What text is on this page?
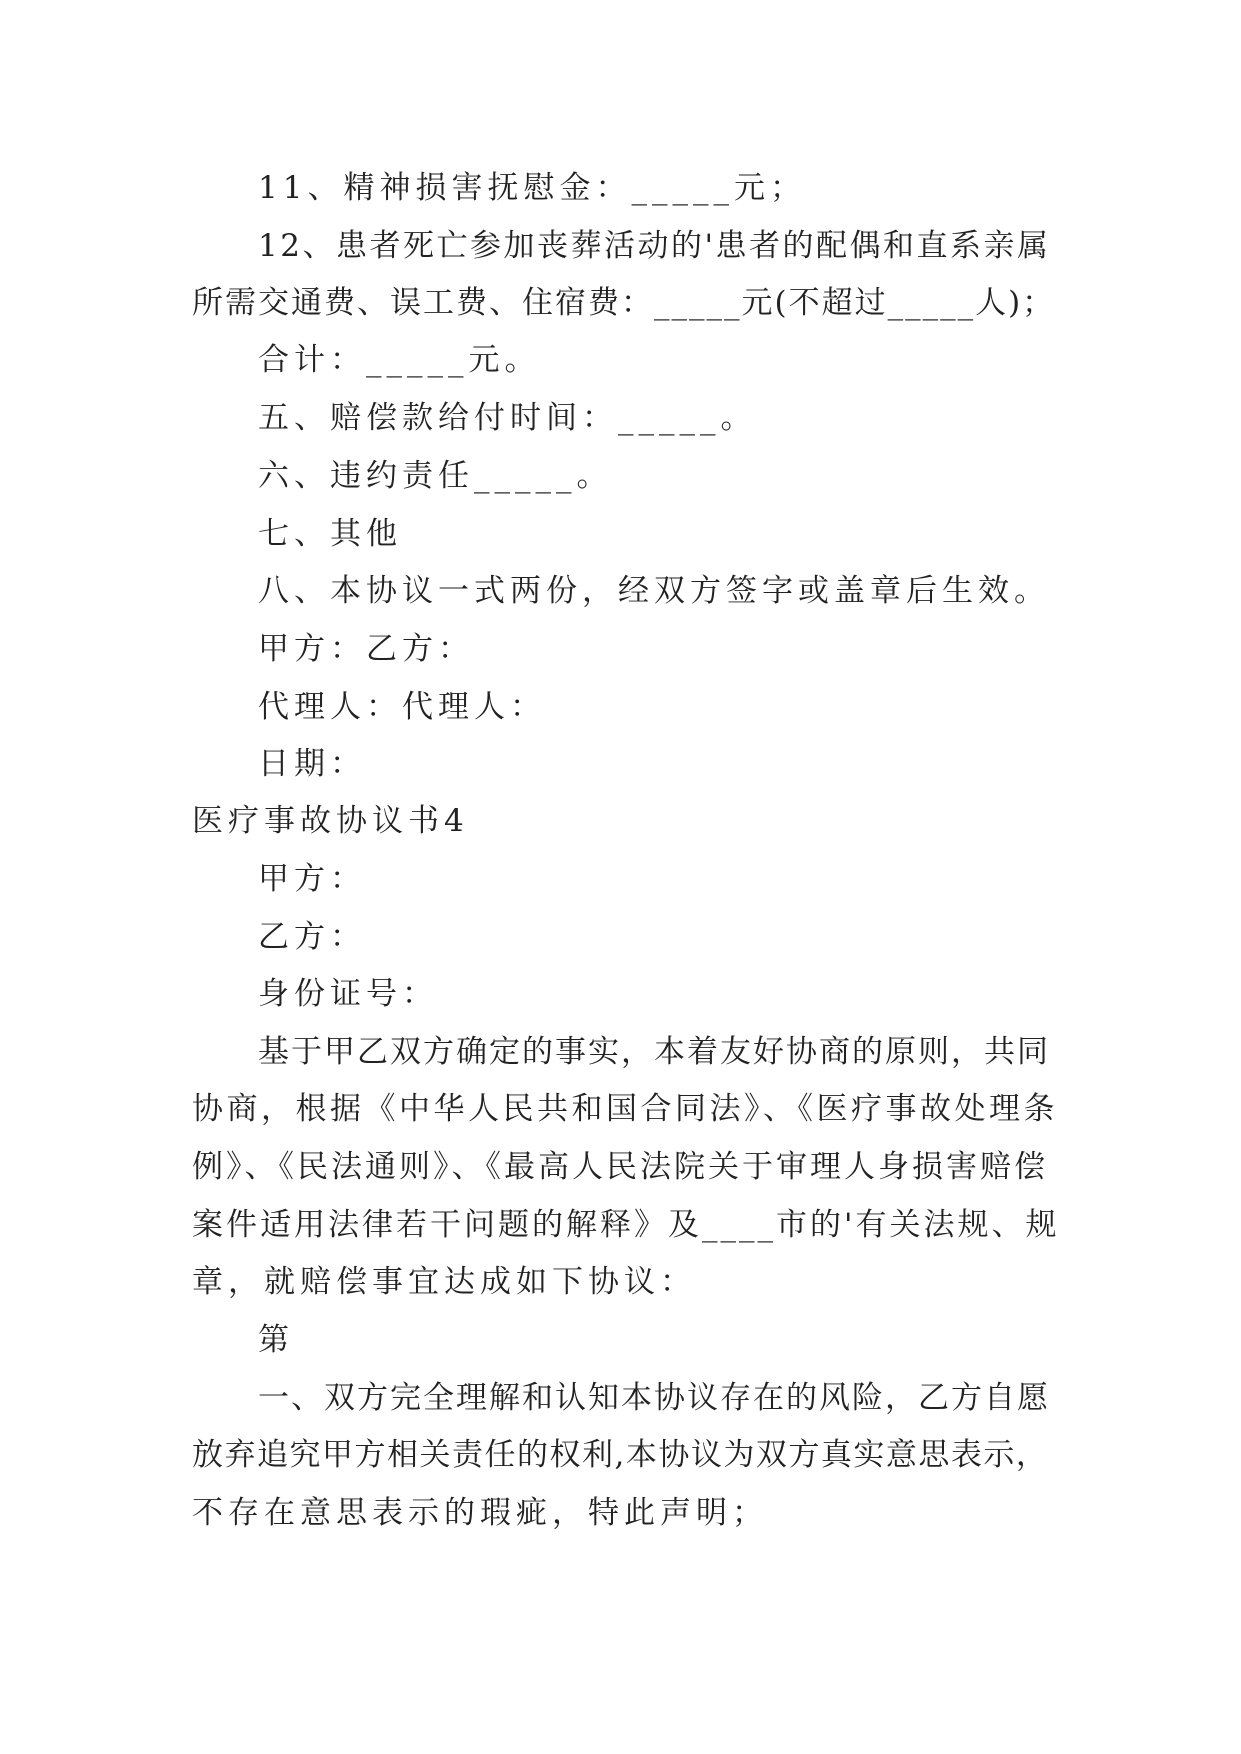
11、精神损害抚慰金：_____元；
12、患者死亡参加丧葬活动的'患者的配偶和直系亲属
所需交通费、误工费、住宿费：_____元(不超过_____人)；
合计：_____元。
五、赔偿款给付时间：_____。
六、违约责任_____。
七、其他
八、本协议一式两份，经双方签字或盖章后生效。
甲方：乙方：
代理人：代理人：
日期：
医疗事故协议书4
甲方：
乙方：
身份证号：
基于甲乙双方确定的事实，本着友好协商的原则，共同
协商，根据《中华人民共和国合同法》、《医疗事故处理条
例》、《民法通则》、《最高人民法院关于审理人身损害赔偿
案件适用法律若干问题的解释》及____市的'有关法规、规
章，就赔偿事宜达成如下协议：
第
一、双方完全理解和认知本协议存在的风险，乙方自愿
放弃追究甲方相关责任的权利,本协议为双方真实意思表示，
不存在意思表示的瑕疵，特此声明；
